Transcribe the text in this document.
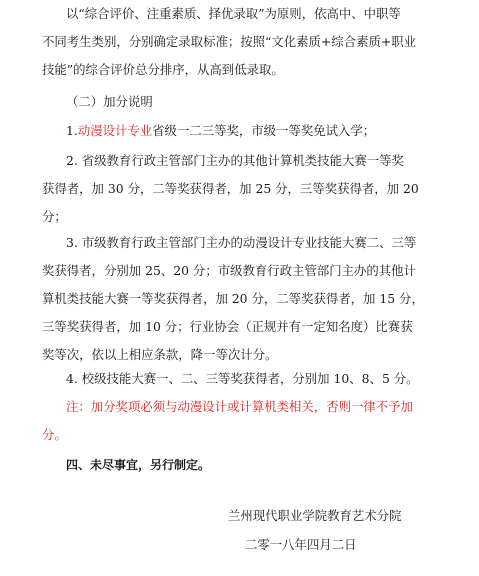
以“综合评价、注重素质、择优录取”为原则，依高中、中职等
不同考生类别，分别确定录取标准；按照“文化素质+综合素质+职业
技能”的综合评价总分排序，从高到低录取。
（二）加分说明
1.动漫设计专业省级一二三等奖，市级一等奖免试入学；
2. 省级教育行政主管部门主办的其他计算机类技能大赛一等奖
获得者，加 30 分，二等奖获得者，加 25 分，三等奖获得者，加 20
分；
3. 市级教育行政主管部门主办的动漫设计专业技能大赛二、三等
奖获得者，分别加 25、20 分；市级教育行政主管部门主办的其他计
算机类技能大赛一等奖获得者，加 20 分，二等奖获得者，加 15 分，
三等奖获得者，加 10 分；行业协会（正规并有一定知名度）比赛获
奖等次，依以上相应条款，降一等次计分。
4. 校级技能大赛一、二、三等奖获得者，分别加 10、8、5 分。
注：加分奖项必须与动漫设计或计算机类相关，否则一律不予加
分。
四、未尽事宜，另行制定。
兰州现代职业学院教育艺术分院
二零一八年四月二日
